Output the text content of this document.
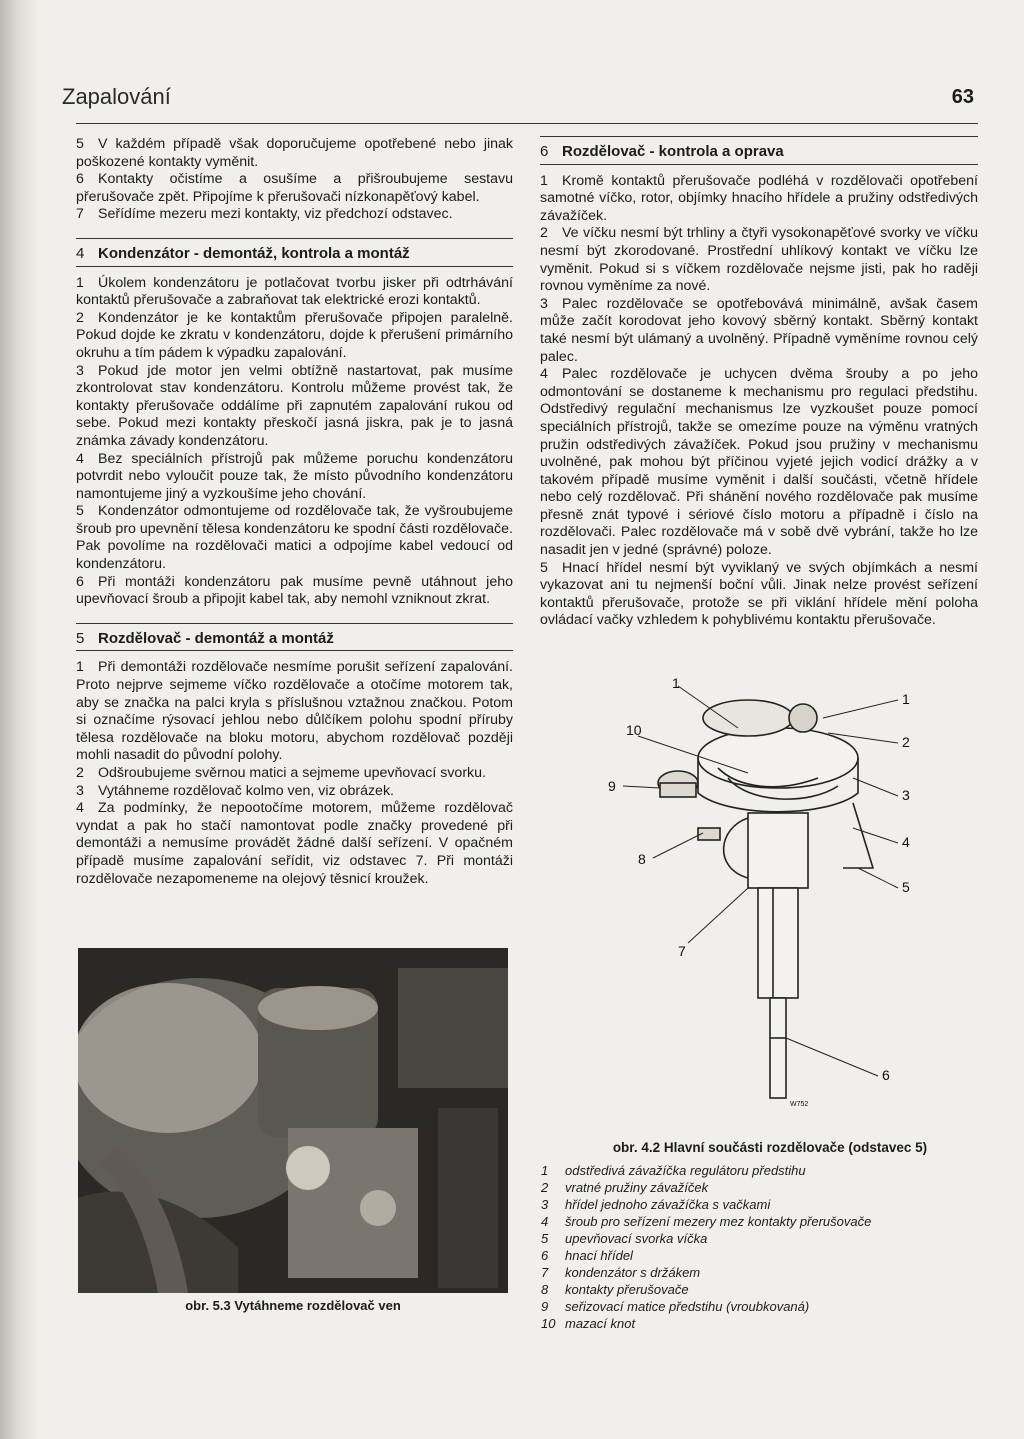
Zapalování	63

5 V každém případě však doporučujeme opotřebené nebo jinak poškozené kontakty vyměnit.

6 Kontakty očistíme a osušíme a přišroubujeme sestavu přerušovače zpět. Připojíme k přerušovači nízkonapěťový kabel.

7 Seřídíme mezeru mezi kontakty, viz předchozí odstavec.

4 Kondenzátor - demontáž, kontrola a montáž

1 Úkolem kondenzátoru je potlačovat tvorbu jisker při odtrhávání kontaktů přerušovače a zabraňovat tak elektrické erozi kontaktů.

2 Kondenzátor je ke kontaktům přerušovače připojen paralelně. Pokud dojde ke zkratu v kondenzátoru, dojde k přerušení primárního okruhu a tím pádem k výpadku zapalování.

3 Pokud jde motor jen velmi obtížně nastartovat, pak musíme zkontrolovat stav kondenzátoru. Kontrolu můžeme provést tak, že kontakty přerušovače oddálíme při zapnutém zapalování rukou od sebe. Pokud mezi kontakty přeskočí jasná jiskra, pak je to jasná známka závady kondenzátoru.

4 Bez speciálních přístrojů pak můžeme poruchu kondenzátoru potvrdit nebo vyloučit pouze tak, že místo původního kondenzátoru namontujeme jiný a vyzkoušíme jeho chování.

5 Kondenzátor odmontujeme od rozdělovače tak, že vyšroubujeme šroub pro upevnění tělesa kondenzátoru ke spodní části rozdělovače. Pak povolíme na rozdělovači matici a odpojíme kabel vedoucí od kondenzátoru.

6 Při montáži kondenzátoru pak musíme pevně utáhnout jeho upevňovací šroub a připojit kabel tak, aby nemohl vzniknout zkrat.

5 Rozdělovač - demontáž a montáž

1 Při demontáži rozdělovače nesmíme porušit seřízení zapalování. Proto nejprve sejmeme víčko rozdělovače a otočíme motorem tak, aby se značka na palci kryla s příslušnou vztažnou značkou. Potom si označíme rýsovací jehlou nebo důlčíkem polohu spodní příruby tělesa rozdělovače na bloku motoru, abychom rozdělovač později mohli nasadit do původní polohy.

2 Odšroubujeme svěrnou matici a sejmeme upevňovací svorku.

3 Vytáhneme rozdělovač kolmo ven, viz obrázek.

4 Za podmínky, že nepootočíme motorem, můžeme rozdělovač vyndat a pak ho stačí namontovat podle značky provedené při demontáži a nemusíme provádět žádné další seřízení. V opačném případě musíme zapalování seřídit, viz odstavec 7. Při montáži rozdělovače nezapomeneme na olejový těsnicí kroužek.

obr. 5.3 Vytáhneme rozdělovač ven
6 Rozdělovač - kontrola a oprava

1 Kromě kontaktů přerušovače podléhá v rozdělovači opotřebení samotné víčko, rotor, objímky hnacího hřídele a pružiny odstředivých závažíček.

2 Ve víčku nesmí být trhliny a čtyři vysokonapěťové svorky ve víčku nesmí být zkorodované. Prostřední uhlíkový kontakt ve víčku lze vyměnit. Pokud si s víčkem rozdělovače nejsme jisti, pak ho raději rovnou vyměníme za nové.

3 Palec rozdělovače se opotřebovává minimálně, avšak časem může začít korodovat jeho kovový sběrný kontakt. Sběrný kontakt také nesmí být ulámaný a uvolněný. Případně vyměníme rovnou celý palec.

4 Palec rozdělovače je uchycen dvěma šrouby a po jeho odmontování se dostaneme k mechanismu pro regulaci předstihu. Odstředivý regulační mechanismus lze vyzkoušet pouze pomocí speciálních přístrojů, takže se omezíme pouze na výměnu vratných pružin odstředivých závažíček. Pokud jsou pružiny v mechanismu uvolněné, pak mohou být příčinou vyjeté jejich vodicí drážky a v takovém případě musíme vyměnit i další součásti, včetně hřídele nebo celý rozdělovač. Při shánění nového rozdělovače pak musíme přesně znát typové i sériové číslo motoru a případně i číslo na rozdělovači. Palec rozdělovače má v sobě dvě vybrání, takže ho lze nasadit jen v jedné (správné) poloze.

5 Hnací hřídel nesmí být vyviklaný ve svých objímkách a nesmí vykazovat ani tu nejmenší boční vůli. Jinak nelze provést seřízení kontaktů přerušovače, protože se při viklání hřídele mění poloha ovládací vačky vzhledem k pohyblivému kontaktu přerušovače.

1
1
2
10
9
3
4
8
5
7
6
W752
obr. 4.2 Hlavní součásti rozdělovače (odstavec 5)
1	odstředivá závažíčka regulátoru předstihu
2	vratné pružiny závažíček
3	hřídel jednoho závažíčka s vačkami
4	šroub pro seřízení mezery mez kontakty přerušovače
5	upevňovací svorka víčka
6	hnací hřídel
7	kondenzátor s držákem
8	kontakty přerušovače
9	seřizovací matice předstihu (vroubkovaná)
10 mazací knot
